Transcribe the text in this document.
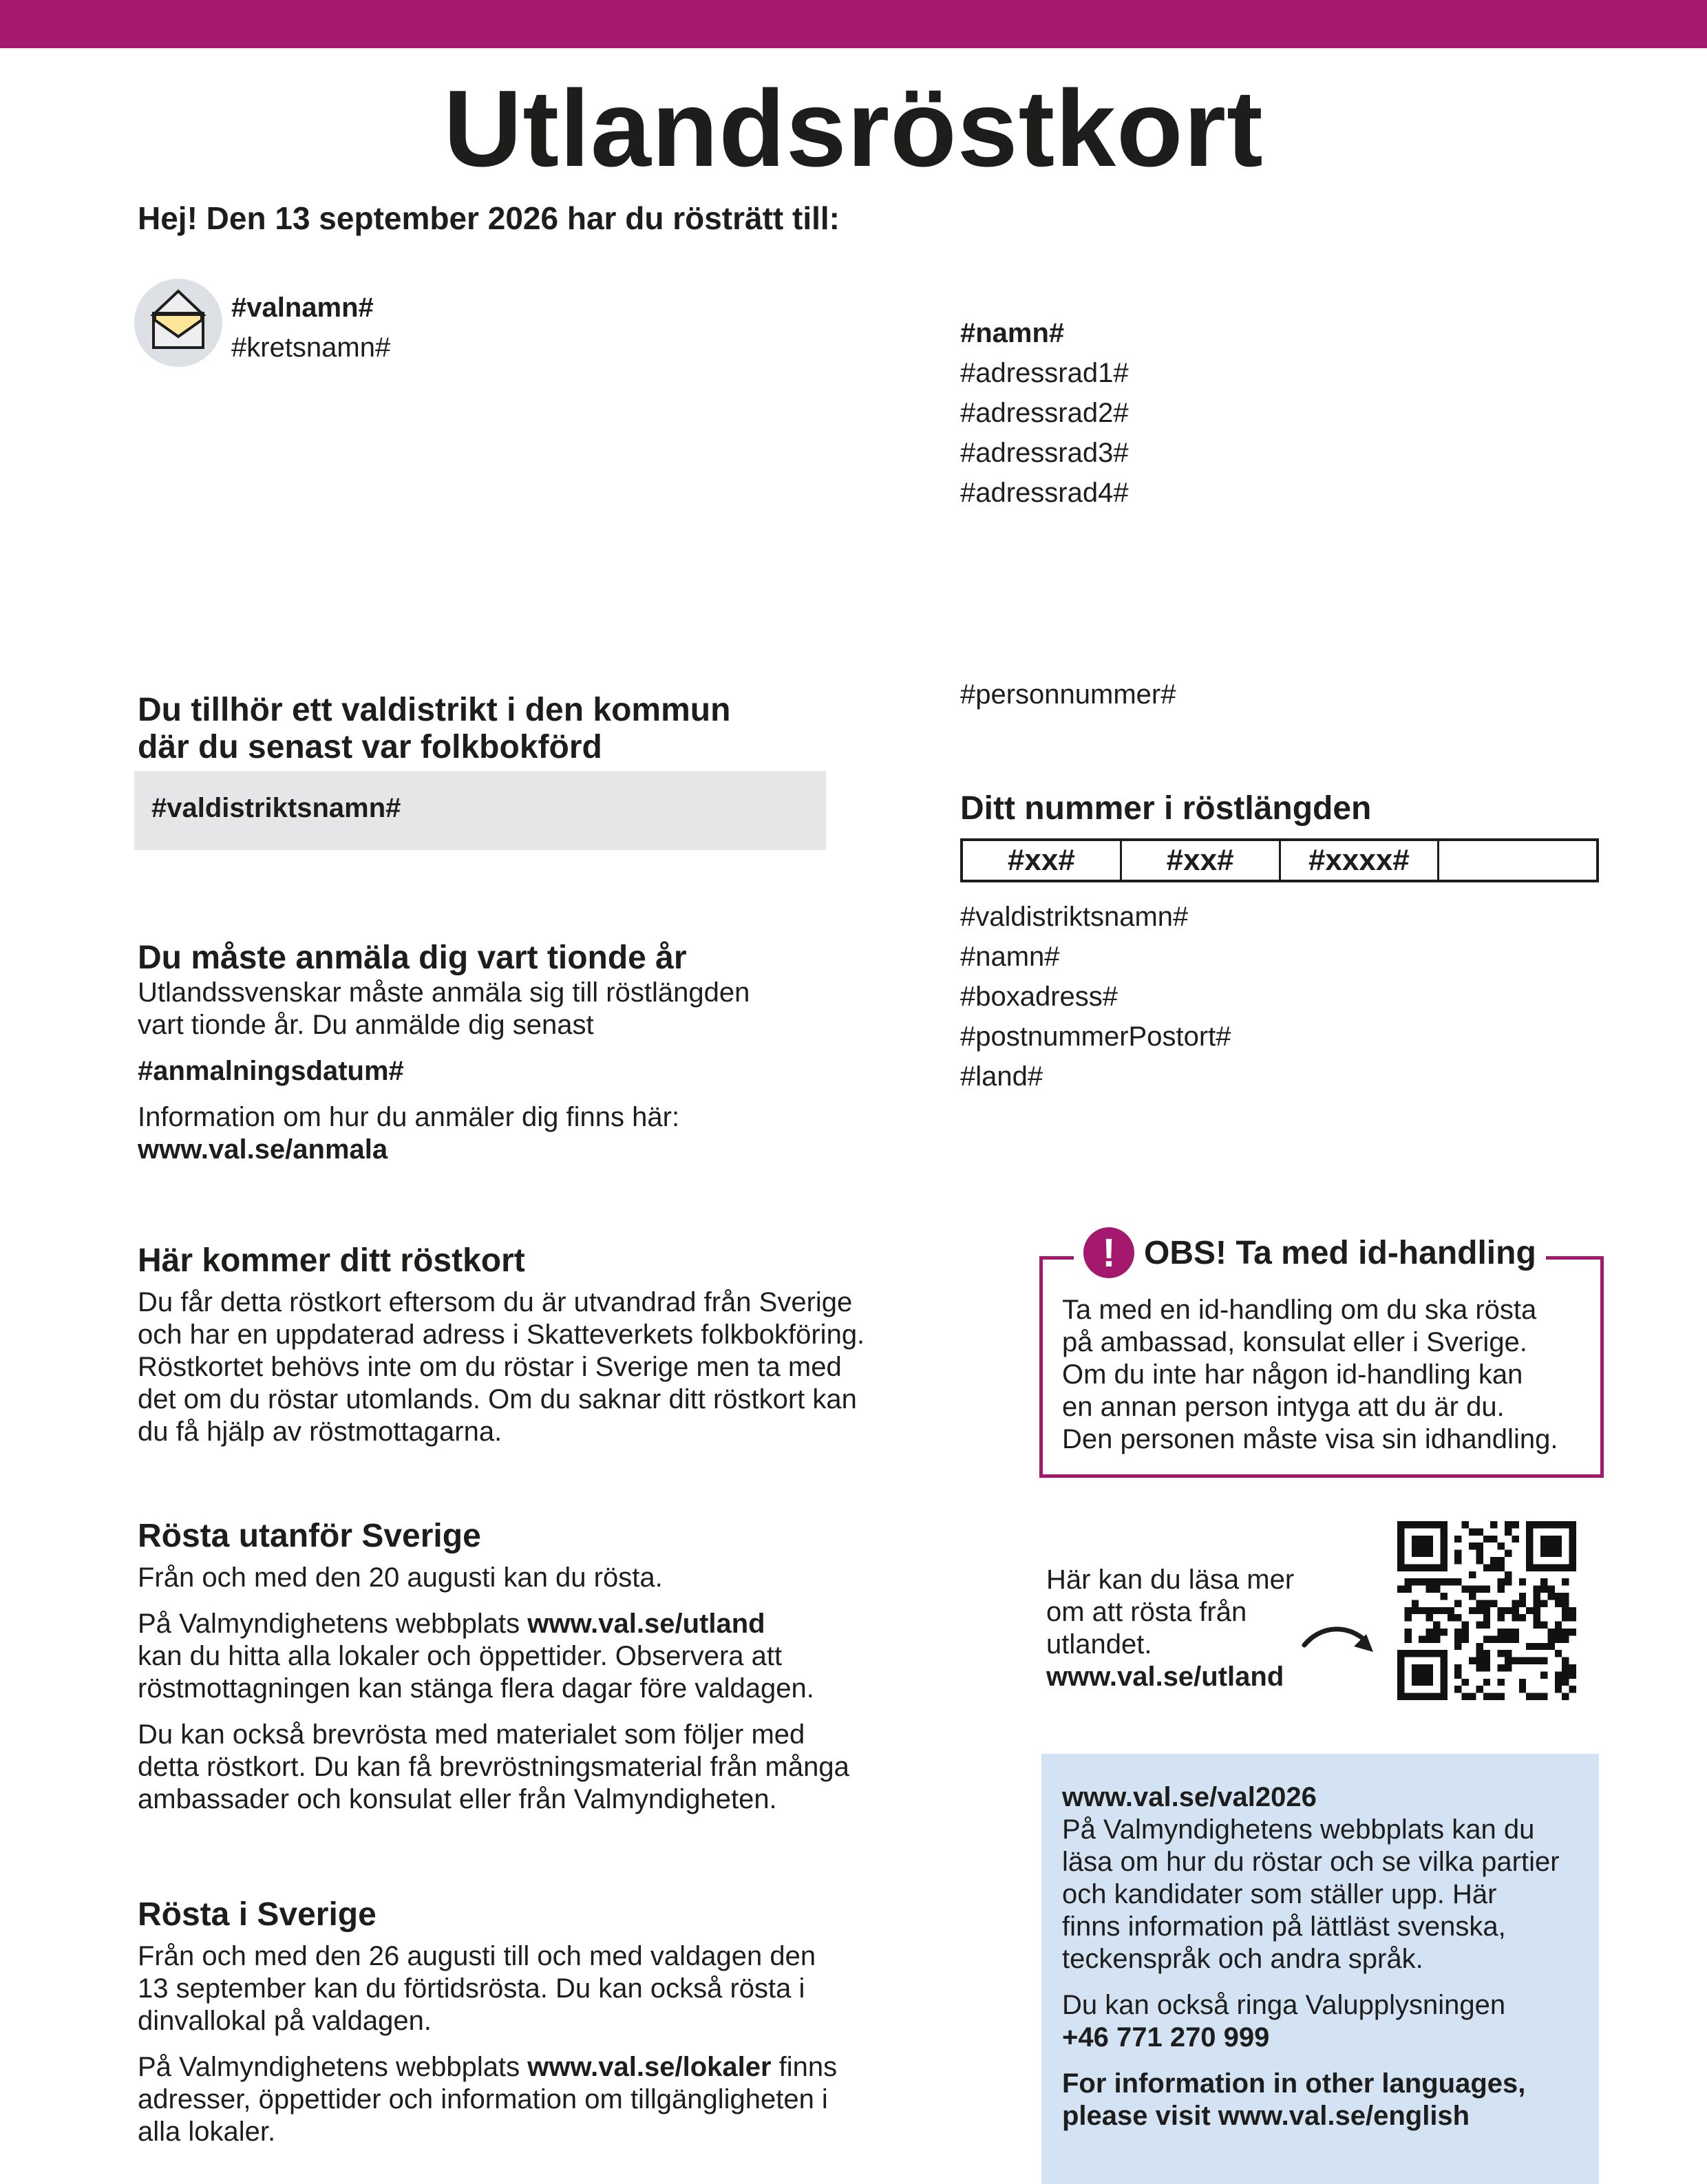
Utlandsröstkort
Hej! Den 13 september 2026 har du rösträtt till:
#valnamn#
#kretsnamn#	#namn#
#adressrad1#
#adressrad2#
#adressrad3#
#adressrad4#
#personnummer#
Du tillhör ett valdistrikt i den kommun
där du senast var folkbokförd
#valdistriktsnamn#	Ditt nummer i röstlängden
#xx#	#xx#	#xxxx#
#valdistriktsnamn#
#namn#
#boxadress#
#postnummerPostort#
#land#
Du måste anmäla dig vart tionde år
Utlandssvenskar måste anmäla sig till röstlängden
vart tionde år. Du anmälde dig senast
#anmalningsdatum#
Information om hur du anmäler dig finns här:
www.val.se/anmala
Här kommer ditt röstkort
Du får detta röstkort eftersom du är utvandrad från Sverige
och har en uppdaterad adress i Skatteverkets folkbokföring.
Röstkortet behövs inte om du röstar i Sverige men ta med
det om du röstar utomlands. Om du saknar ditt röstkort kan
du få hjälp av röstmottagarna.
! OBS! Ta med id-handling
Ta med en id-handling om du ska rösta
på ambassad, konsulat eller i Sverige.
Om du inte har någon id-handling kan
en annan person intyga att du är du.
Den personen måste visa sin idhandling.
Rösta utanför Sverige
Från och med den 20 augusti kan du rösta.
På Valmyndighetens webbplats www.val.se/utland
kan du hitta alla lokaler och öppettider. Observera att
röstmottagningen kan stänga flera dagar före valdagen.
Du kan också brevrösta med materialet som följer med
detta röstkort. Du kan få brevröstningsmaterial från många
ambassader och konsulat eller från Valmyndigheten.
Här kan du läsa mer
om att rösta från
utlandet.
www.val.se/utland
Rösta i Sverige
Från och med den 26 augusti till och med valdagen den
13 september kan du förtidsrösta. Du kan också rösta i
dinvallokal på valdagen.
På Valmyndighetens webbplats www.val.se/lokaler finns
adresser, öppettider och information om tillgängligheten i
alla lokaler.
www.val.se/val2026
På Valmyndighetens webbplats kan du
läsa om hur du röstar och se vilka partier
och kandidater som ställer upp. Här
finns information på lättläst svenska,
teckenspråk och andra språk.
Du kan också ringa Valupplysningen
+46 771 270 999
For information in other languages,
please visit www.val.se/english
